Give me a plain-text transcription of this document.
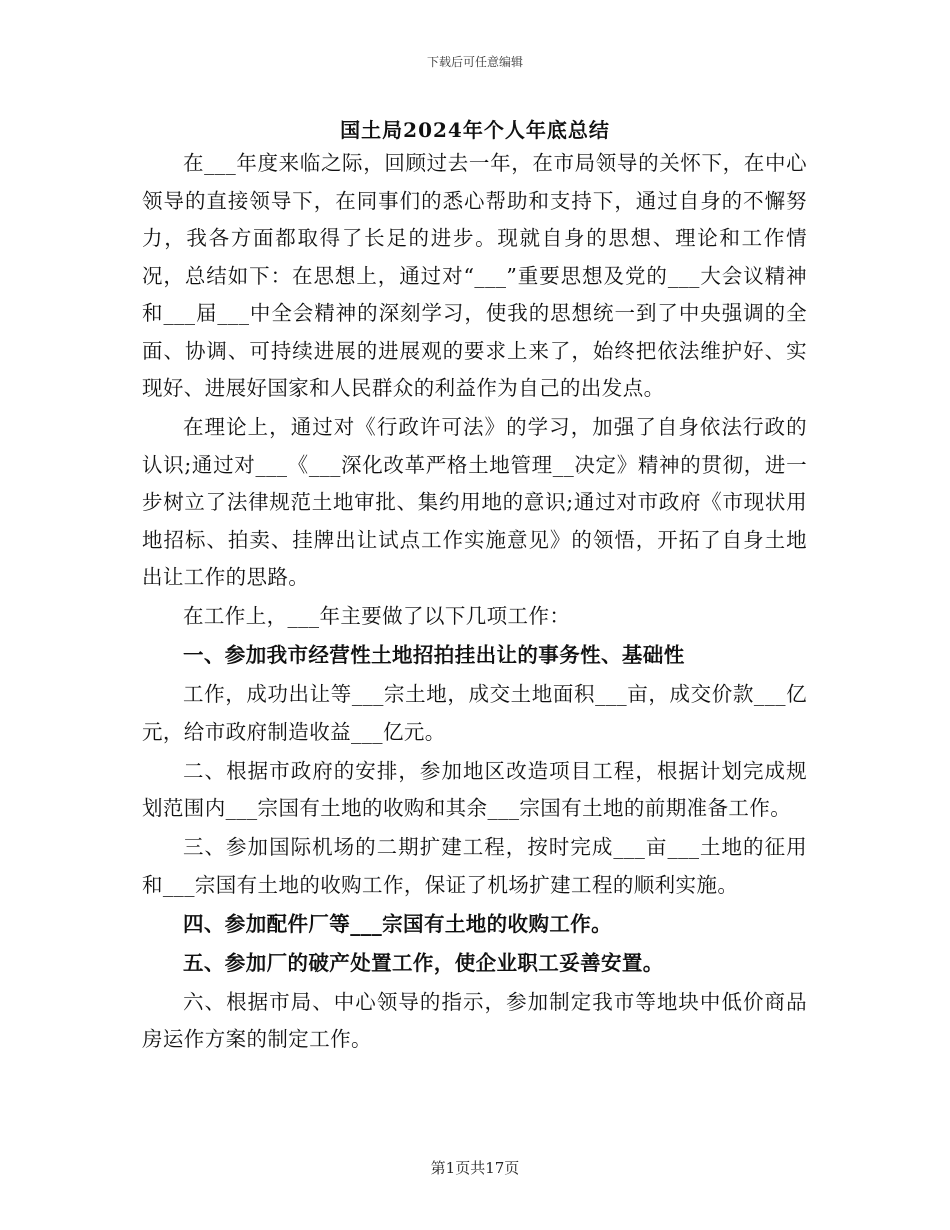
下载后可任意编辑
国土局2024年个人年底总结

在___年度来临之际，回顾过去一年，在市局领导的关怀下，在中心领导的直接领导下，在同事们的悉心帮助和支持下，通过自身的不懈努力，我各方面都取得了长足的进步。现就自身的思想、理论和工作情况，总结如下：在思想上，通过对“___”重要思想及党的___大会议精神和___届___中全会精神的深刻学习，使我的思想统一到了中央强调的全面、协调、可持续进展的进展观的要求上来了，始终把依法维护好、实现好、进展好国家和人民群众的利益作为自己的出发点。

在理论上，通过对《行政许可法》的学习，加强了自身依法行政的认识;通过对___《___深化改革严格土地管理__决定》精神的贯彻，进一步树立了法律规范土地审批、集约用地的意识;通过对市政府《市现状用地招标、拍卖、挂牌出让试点工作实施意见》的领悟，开拓了自身土地出让工作的思路。

在工作上，___年主要做了以下几项工作：

一、参加我市经营性土地招拍挂出让的事务性、基础性

工作，成功出让等___宗土地，成交土地面积___亩，成交价款___亿元，给市政府制造收益___亿元。

二、根据市政府的安排，参加地区改造项目工程，根据计划完成规划范围内___宗国有土地的收购和其余___宗国有土地的前期准备工作。

三、参加国际机场的二期扩建工程，按时完成___亩___土地的征用和___宗国有土地的收购工作，保证了机场扩建工程的顺利实施。

四、参加配件厂等___宗国有土地的收购工作。

五、参加厂的破产处置工作，使企业职工妥善安置。

六、根据市局、中心领导的指示，参加制定我市等地块中低价商品房运作方案的制定工作。

第1页共17页
